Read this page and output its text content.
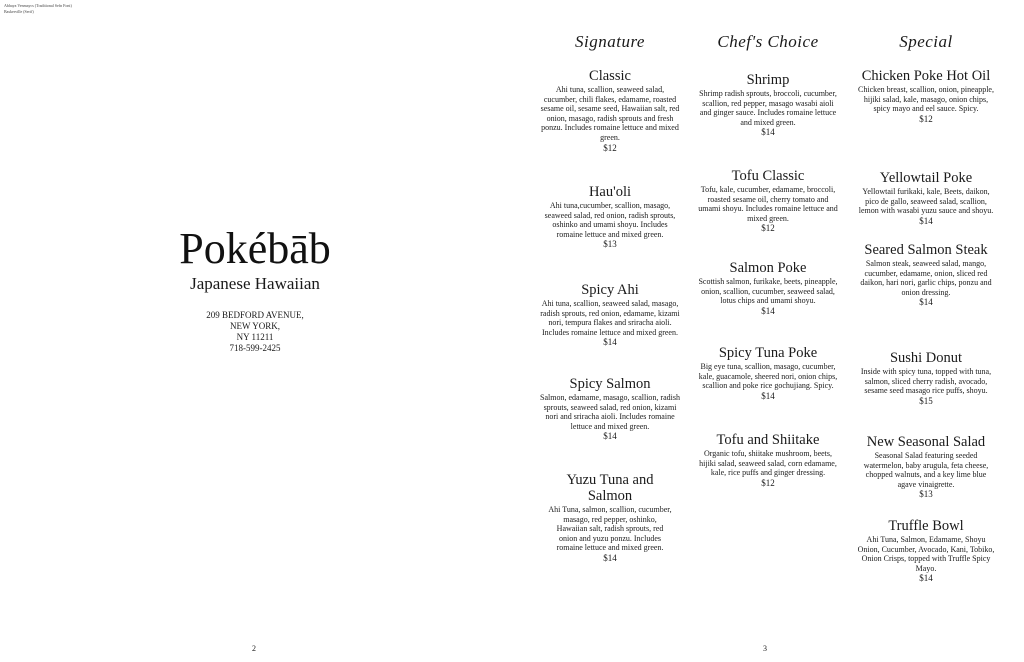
Abhaya Venmaycs (Traditional Sefn Font)
Baskerville (Serif)
Pokébāb
Japanese Hawaiian
209 BEDFORD AVENUE,
NEW YORK,
NY 11211
718-599-2425
2	3
Signature
Classic
Ahi tuna, scallion, seaweed salad, cucumber, chili flakes, edamame, roasted sesame oil, sesame seed, Hawaiian salt, red onion, masago, radish sprouts and fresh ponzu. Includes romaine lettuce and mixed green.
$12
Hau'oli
Ahi tuna,cucumber, scallion, masago, seaweed salad, red onion, radish sprouts, oshinko and umami shoyu. Includes romaine lettuce and mixed green.
$13
Spicy Ahi
Ahi tuna, scallion, seaweed salad, masago, radish sprouts, red onion, edamame, kizami nori, tempura flakes and sriracha aioli. Includes romaine lettuce and mixed green.
$14
Spicy Salmon
Salmon, edamame, masago, scallion, radish sprouts, seaweed salad, red onion, kizami nori and sriracha aioli. Includes romaine lettuce and mixed green.
$14
Yuzu Tuna and Salmon
Ahi Tuna, salmon, scallion, cucumber, masago, red pepper, oshinko, Hawaiian salt, radish sprouts, red onion and yuzu ponzu. Includes romaine lettuce and mixed green.
$14
Chef's Choice
Shrimp
Shrimp radish sprouts, broccoli, cucumber, scallion, red pepper, masago wasabi aioli and ginger sauce. Includes romaine lettuce and mixed green.
$14
Tofu Classic
Tofu, kale, cucumber, edamame, broccoli, roasted sesame oil, cherry tomato and umami shoyu. Includes romaine lettuce and mixed green.
$12
Salmon Poke
Scottish salmon, furikake, beets, pineapple, onion, scallion, cucumber, seaweed salad, lotus chips and umami shoyu.
$14
Spicy Tuna Poke
Big eye tuna, scallion, masago, cucumber, kale, guacamole, sheered nori, onion chips, scallion and poke rice gochujiang. Spicy.
$14
Tofu and Shiitake
Organic tofu, shiitake mushroom, beets, hijiki salad, seaweed salad, corn edamame, kale, rice puffs and ginger dressing.
$12
Special
Chicken Poke Hot Oil
Chicken breast, scallion, onion, pineapple, hijiki salad, kale, masago, onion chips, spicy mayo and eel sauce. Spicy.
$12
Yellowtail Poke
Yellowtail furikaki, kale, Beets, daikon, pico de gallo, seaweed salad, scallion, lemon with wasabi yuzu sauce and shoyu.
$14
Seared Salmon Steak
Salmon steak, seaweed salad, mango, cucumber, edamame, onion, sliced red daikon, hari nori, garlic chips, ponzu and onion dressing.
$14
Sushi Donut
Inside with spicy tuna, topped with tuna, salmon, sliced cherry radish, avocado, sesame seed masago rice puffs, shoyu.
$15
New Seasonal Salad
Seasonal Salad featuring seeded watermelon, baby arugula, feta cheese, chopped walnuts, and a key lime blue agave vinaigrette.
$13
Truffle Bowl
Ahi Tuna, Salmon, Edamame, Shoyu Onion, Cucumber, Avocado, Kani, Tobiko, Onion Crisps, topped with Truffle Spicy Mayo.
$14
